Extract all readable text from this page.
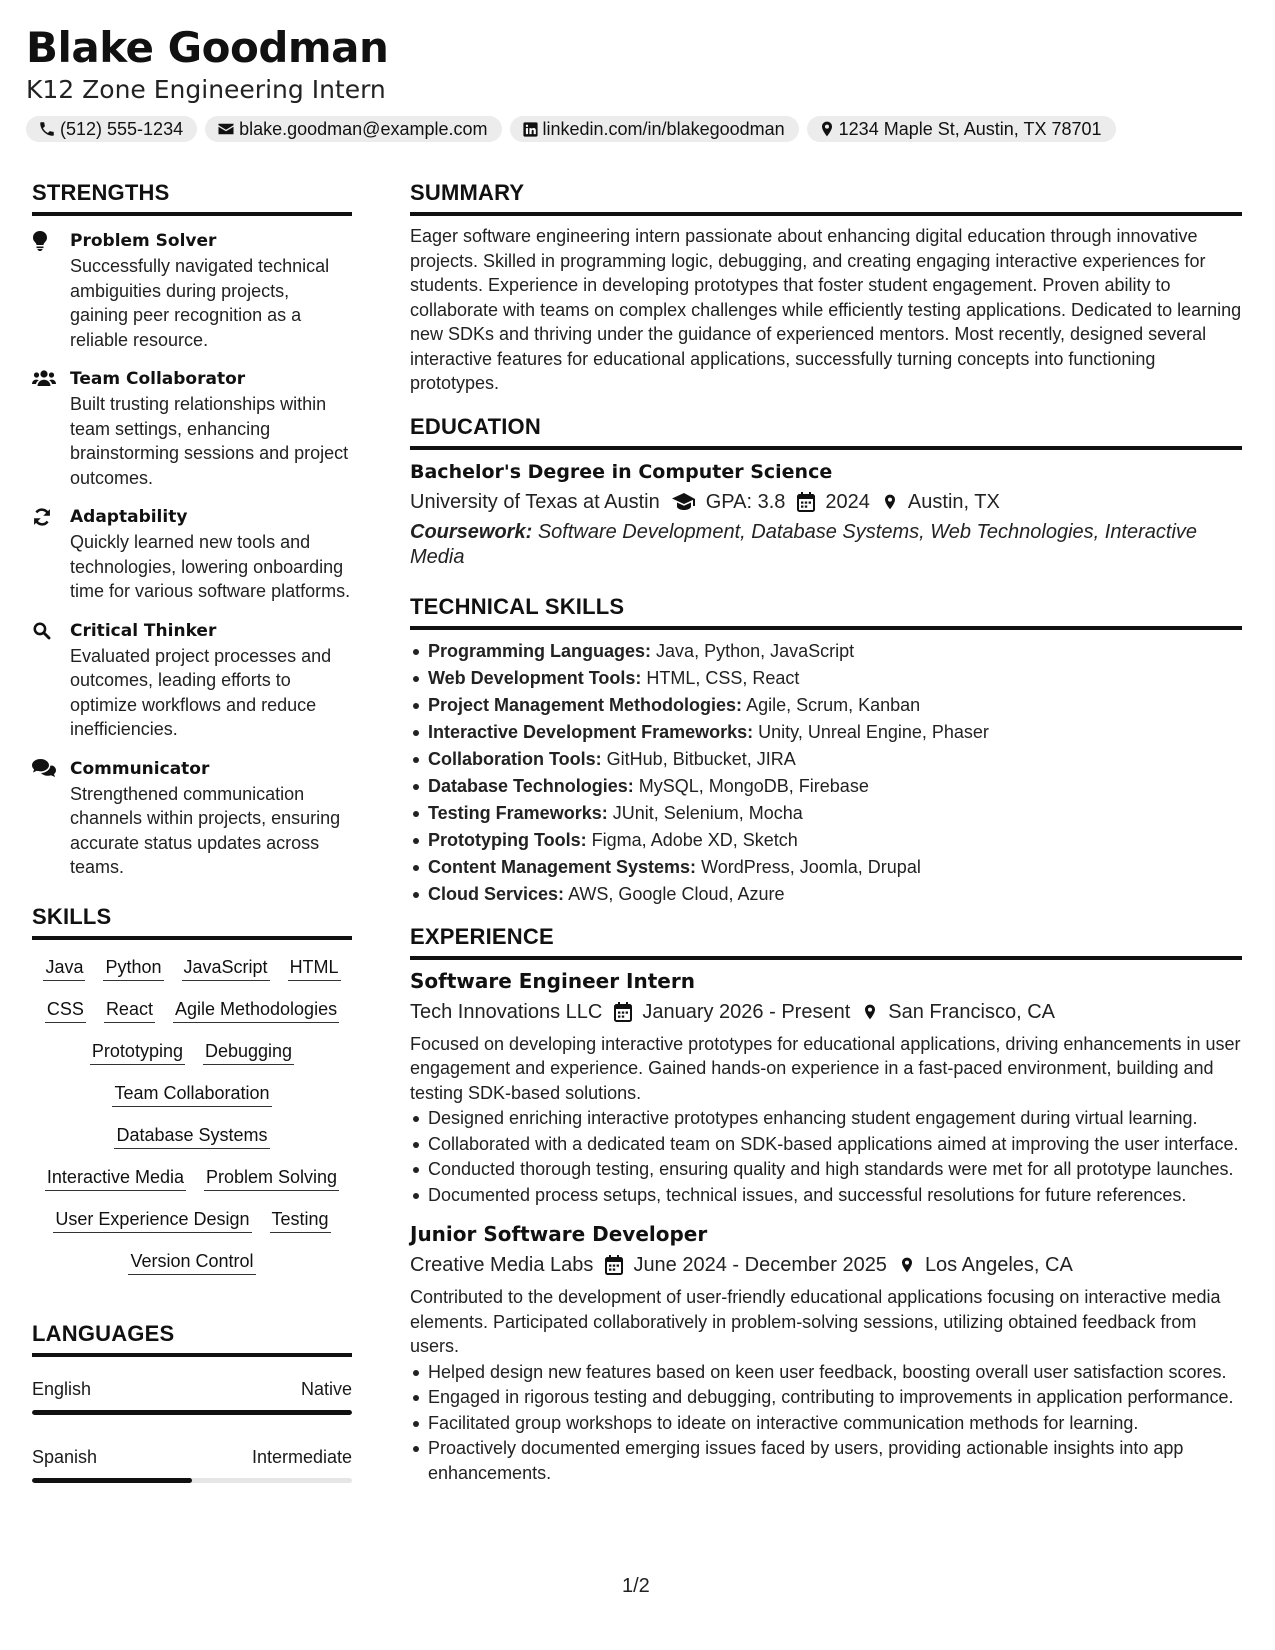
Blake Goodman
K12 Zone Engineering Intern
(512) 555-1234	blake.goodman@example.com	linkedin.com/in/blakegoodman	1234 Maple St, Austin, TX 78701
STRENGTHS
Problem Solver
Successfully navigated technical ambiguities during projects, gaining peer recognition as a reliable resource.
Team Collaborator
Built trusting relationships within team settings, enhancing brainstorming sessions and project outcomes.
Adaptability
Quickly learned new tools and technologies, lowering onboarding time for various software platforms.
Critical Thinker
Evaluated project processes and outcomes, leading efforts to optimize workflows and reduce inefficiencies.
Communicator
Strengthened communication channels within projects, ensuring accurate status updates across teams.
SKILLS
Java Python JavaScript HTML
CSS React Agile Methodologies
Prototyping Debugging
Team Collaboration
Database Systems
Interactive Media Problem Solving
User Experience Design Testing
Version Control
LANGUAGES
English	Native
Spanish	Intermediate
SUMMARY
Eager software engineering intern passionate about enhancing digital education through innovative projects. Skilled in programming logic, debugging, and creating engaging interactive experiences for students. Experience in developing prototypes that foster student engagement. Proven ability to collaborate with teams on complex challenges while efficiently testing applications. Dedicated to learning new SDKs and thriving under the guidance of experienced mentors. Most recently, designed several interactive features for educational applications, successfully turning concepts into functioning prototypes.
EDUCATION
Bachelor's Degree in Computer Science
University of Texas at Austin GPA: 3.8 2024 Austin, TX
Coursework: Software Development, Database Systems, Web Technologies, Interactive Media
TECHNICAL SKILLS
Programming Languages: Java, Python, JavaScript
Web Development Tools: HTML, CSS, React
Project Management Methodologies: Agile, Scrum, Kanban
Interactive Development Frameworks: Unity, Unreal Engine, Phaser
Collaboration Tools: GitHub, Bitbucket, JIRA
Database Technologies: MySQL, MongoDB, Firebase
Testing Frameworks: JUnit, Selenium, Mocha
Prototyping Tools: Figma, Adobe XD, Sketch
Content Management Systems: WordPress, Joomla, Drupal
Cloud Services: AWS, Google Cloud, Azure
EXPERIENCE
Software Engineer Intern
Tech Innovations LLC January 2026 - Present San Francisco, CA
Focused on developing interactive prototypes for educational applications, driving enhancements in user engagement and experience. Gained hands-on experience in a fast-paced environment, building and testing SDK-based solutions.
Designed enriching interactive prototypes enhancing student engagement during virtual learning.
Collaborated with a dedicated team on SDK-based applications aimed at improving the user interface.
Conducted thorough testing, ensuring quality and high standards were met for all prototype launches.
Documented process setups, technical issues, and successful resolutions for future references.
Junior Software Developer
Creative Media Labs June 2024 - December 2025 Los Angeles, CA
Contributed to the development of user-friendly educational applications focusing on interactive media elements. Participated collaboratively in problem-solving sessions, utilizing obtained feedback from users.
Helped design new features based on keen user feedback, boosting overall user satisfaction scores.
Engaged in rigorous testing and debugging, contributing to improvements in application performance.
Facilitated group workshops to ideate on interactive communication methods for learning.
Proactively documented emerging issues faced by users, providing actionable insights into app enhancements.
1/2
